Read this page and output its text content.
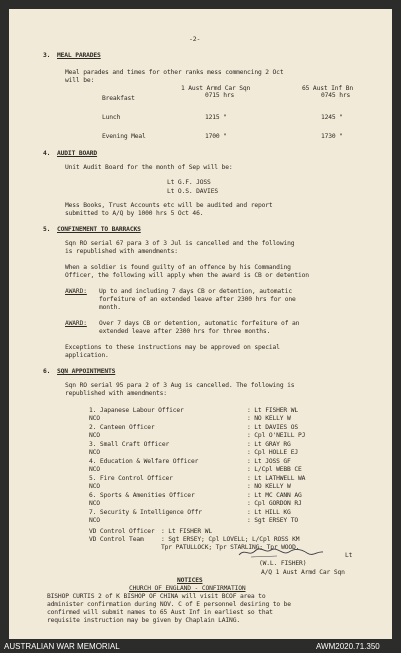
-2-
3. MEAL PARADES
Meal parades and times for other ranks mess commencing 2 Oct
will be:
1 Aust Armd Car Sqn	65 Aust Inf Bn
Breakfast	0715 hrs	0745 hrs
Lunch	1215 "	1245 "
Evening Meal	1700 "	1730 "
4. AUDIT BOARD
Unit Audit Board for the month of Sep will be:
Lt G.F. JOSS
Lt O.S. DAVIES
Mess Books, Trust Accounts etc will be audited and report
submitted to A/Q by 1000 hrs 5 Oct 46.
5. CONFINEMENT TO BARRACKS
Sqn RO serial 67 para 3 of 3 Jul is cancelled and the following
is republished with amendments:
When a soldier is found guilty of an offence by his Commanding
Officer, the following will apply when the award is CB or detention
AWARD: Up to and including 7 days CB or detention, automatic
forfeiture of an extended leave after 2300 hrs for one
month.
AWARD: Over 7 days CB or detention, automatic forfeiture of an
extended leave after 2300 hrs for three months.
Exceptions to these instructions may be approved on special
application.
6. SQN APPOINTMENTS
Sqn RO serial 95 para 2 of 3 Aug is cancelled. The following is
republished with amendments:
1. Japanese Labour Officer	: Lt FISHER WL
NCO	: NO KELLY W
2. Canteen Officer	: Lt DAVIES OS
NCO	: Cpl O'NEILL PJ
3. Small Craft Officer	: Lt GRAY RG
NCO	: Cpl HOLLE EJ
4. Education & Welfare Officer	: Lt JOSS GF
NCO	: L/Cpl WEBB CE
5. Fire Control Officer	: Lt LATHWELL WA
NCO	: NO KELLY W
6. Sports & Amenities Officer	: Lt MC CANN AG
NCO	: Cpl GORDON RJ
7. Security & Intelligence Offr	: Lt HILL KG
NCO	: Sgt ERSEY TO
VD Control Officer : Lt FISHER WL
VD Control Team	: Sgt ERSEY; Cpl LOVELL; L/Cpl ROSS KM
Tpr PATULLOCK; Tpr STARLING; Tpr WOOD.
Lt
(W.L. FISHER)
A/Q 1 Aust Armd Car Sqn
NOTICES
CHURCH OF ENGLAND - CONFIRMATION
BISHOP CURTIS 2 of K BISHOP OF CHINA will visit BCOF area to
administer confirmation during NOV. C of E personnel desiring to be
confirmed will submit names to 65 Aust Inf in earliest so that
requisite instruction may be given by Chaplain LAING.
AUSTRALIAN WAR MEMORIAL	AWM2020.71.350
